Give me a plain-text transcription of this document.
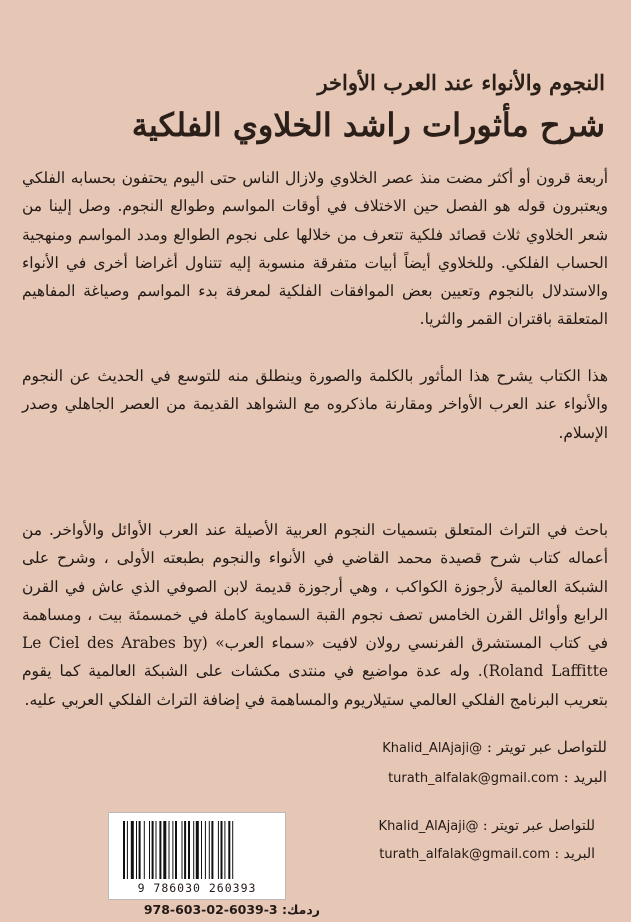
النجوم والأنواء عند العرب الأواخر
شرح مأثورات راشد الخلاوي الفلكية
أربعة قرون أو أكثر مضت منذ عصر الخلاوي ولازال الناس حتى اليوم يحتفون بحسابه الفلكي ويعتبرون قوله هو الفصل حين الاختلاف في أوقات المواسم وطوالع النجوم. وصل إلينا من شعر الخلاوي ثلاث قصائد فلكية تتعرف من خلالها على نجوم الطوالع ومدد المواسم ومنهجية الحساب الفلكي. وللخلاوي أيضاً أبيات متفرقة منسوبة إليه تتناول أغراضا أخرى في الأنواء والاستدلال بالنجوم وتعيين بعض الموافقات الفلكية لمعرفة بدء المواسم وصياغة المفاهيم المتعلقة باقتران القمر والثريا.
هذا الكتاب يشرح هذا المأثور بالكلمة والصورة وينطلق منه للتوسع في الحديث عن النجوم والأنواء عند العرب الأواخر ومقارنة ماذكروه مع الشواهد القديمة من العصر الجاهلي وصدر الإسلام.
باحث في التراث المتعلق بتسميات النجوم العربية الأصيلة عند العرب الأوائل والأواخر. من أعماله كتاب شرح قصيدة محمد القاضي في الأنواء والنجوم بطبعته الأولى ، وشرح على الشبكة العالمية لأرجوزة الكواكب ، وهي أرجوزة قديمة لابن الصوفي الذي عاش في القرن الرابع وأوائل القرن الخامس تصف نجوم القبة السماوية كاملة في خمسمئة بيت ، ومساهمة في كتاب المستشرق الفرنسي رولان لافيت «سماء العرب» (Le Ciel des Arabes by Roland Laffitte). وله عدة مواضيع في منتدى مكشات على الشبكة العالمية كما يقوم بتعريب البرنامج الفلكي العالمي ستيلاريوم والمساهمة في إضافة التراث الفلكي العربي عليه.
للتواصل عبر تويتر : @Khalid_AlAjaji
البريد : turath_alfalak@gmail.com
للتواصل عبر تويتر : @Khalid_AlAjaji
البريد : turath_alfalak@gmail.com
9 786030 260393
ردمك: 978-603-02-6039-3
